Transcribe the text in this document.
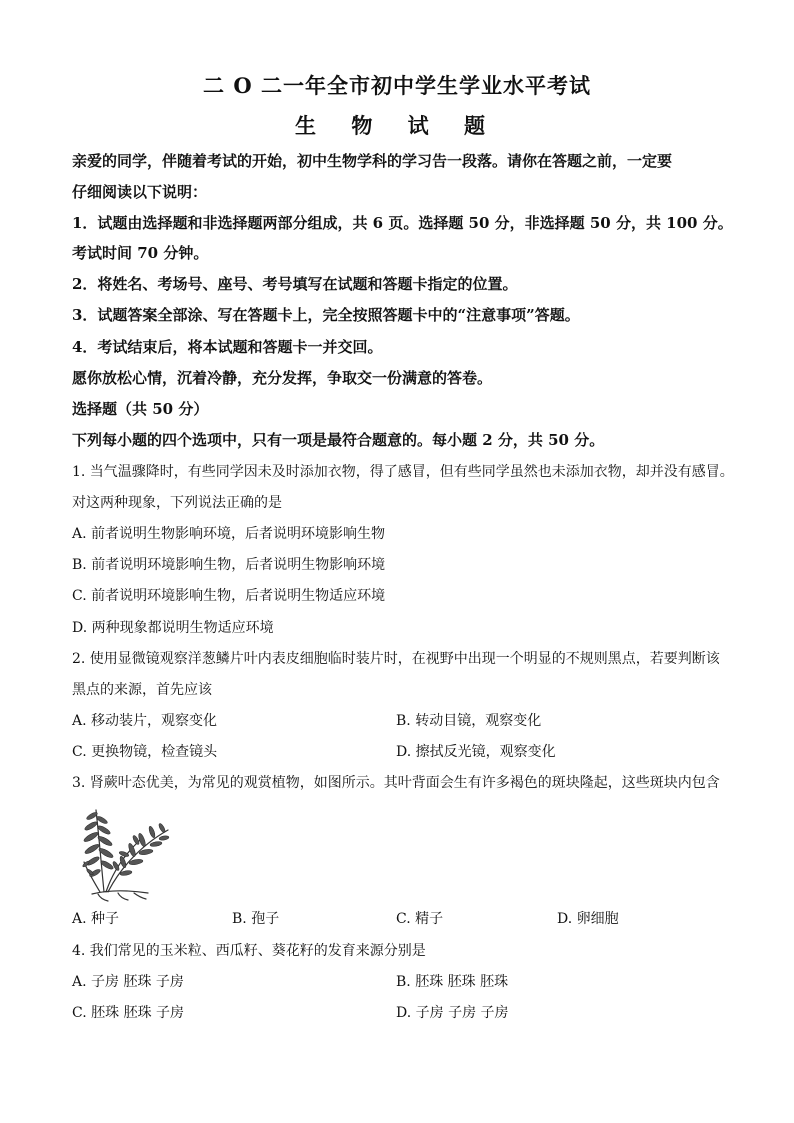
二 O 二一年全市初中学生学业水平考试
生 物 试 题
亲爱的同学，伴随着考试的开始，初中生物学科的学习告一段落。请你在答题之前，一定要
仔细阅读以下说明：
1．试题由选择题和非选择题两部分组成，共 6 页。选择题 50 分，非选择题 50 分，共 100 分。
考试时间 70 分钟。
2．将姓名、考场号、座号、考号填写在试题和答题卡指定的位置。
3．试题答案全部涂、写在答题卡上，完全按照答题卡中的“注意事项”答题。
4．考试结束后，将本试题和答题卡一并交回。
愿你放松心情，沉着冷静，充分发挥，争取交一份满意的答卷。
选择题（共 50 分）
下列每小题的四个选项中，只有一项是最符合题意的。每小题 2 分，共 50 分。
1. 当气温骤降时，有些同学因未及时添加衣物，得了感冒，但有些同学虽然也未添加衣物，却并没有感冒。
对这两种现象，下列说法正确的是
A. 前者说明生物影响环境，后者说明环境影响生物
B. 前者说明环境影响生物，后者说明生物影响环境
C. 前者说明环境影响生物，后者说明生物适应环境
D. 两种现象都说明生物适应环境
2. 使用显微镜观察洋葱鳞片叶内表皮细胞临时装片时，在视野中出现一个明显的不规则黑点，若要判断该
黑点的来源，首先应该
A. 移动装片，观察变化	B. 转动目镜，观察变化
C. 更换物镜，检查镜头	D. 擦拭反光镜，观察变化
3. 肾蕨叶态优美，为常见的观赏植物，如图所示。其叶背面会生有许多褐色的斑块隆起，这些斑块内包含
A. 种子	B. 孢子	C. 精子	D. 卵细胞
4. 我们常见的玉米粒、西瓜籽、葵花籽的发育来源分别是
A. 子房 胚珠 子房	B. 胚珠 胚珠 胚珠
C. 胚珠 胚珠 子房	D. 子房 子房 子房
